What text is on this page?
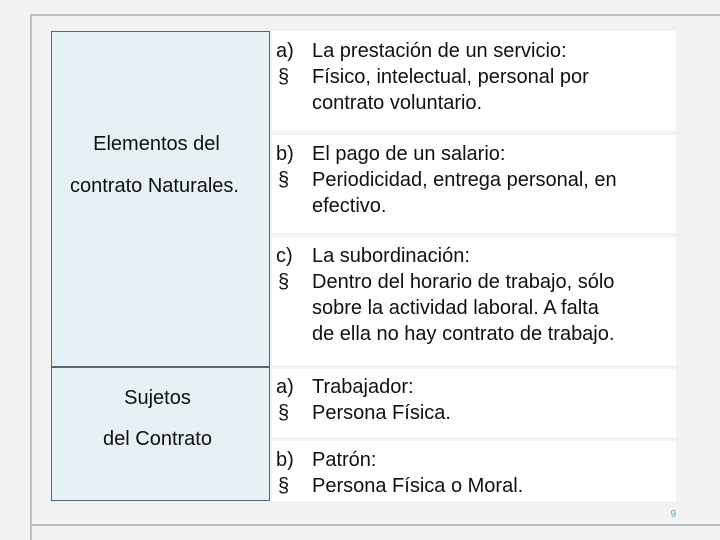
Elementos del
contrato Naturales.
Sujetos
del Contrato
a) La prestación de un servicio:
§	Físico, intelectual, personal por
contrato voluntario.
b) El pago de un salario:
§	Periodicidad, entrega personal, en
efectivo.
c) La subordinación:
§	Dentro del horario de trabajo, sólo
sobre la actividad laboral. A falta
de ella no hay contrato de trabajo.
a) Trabajador:
§	Persona Física.
b) Patrón:
§	Persona Física o Moral.
9
